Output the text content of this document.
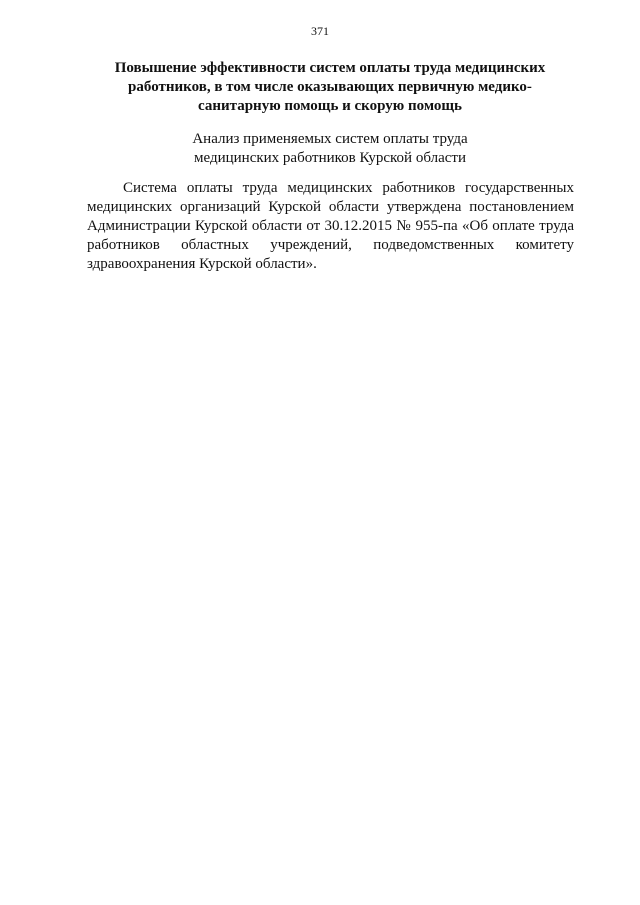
371
Повышение эффективности систем оплаты труда медицинских
работников, в том числе оказывающих первичную медико-
санитарную помощь и скорую помощь
Анализ применяемых систем оплаты труда
медицинских работников Курской области
Система оплаты труда медицинских работников государственных
медицинских организаций Курской области утверждена постановлением
Администрации Курской области от 30.12.2015 № 955-па «Об оплате труда
работников областных учреждений, подведомственных комитету
здравоохранения Курской области».
